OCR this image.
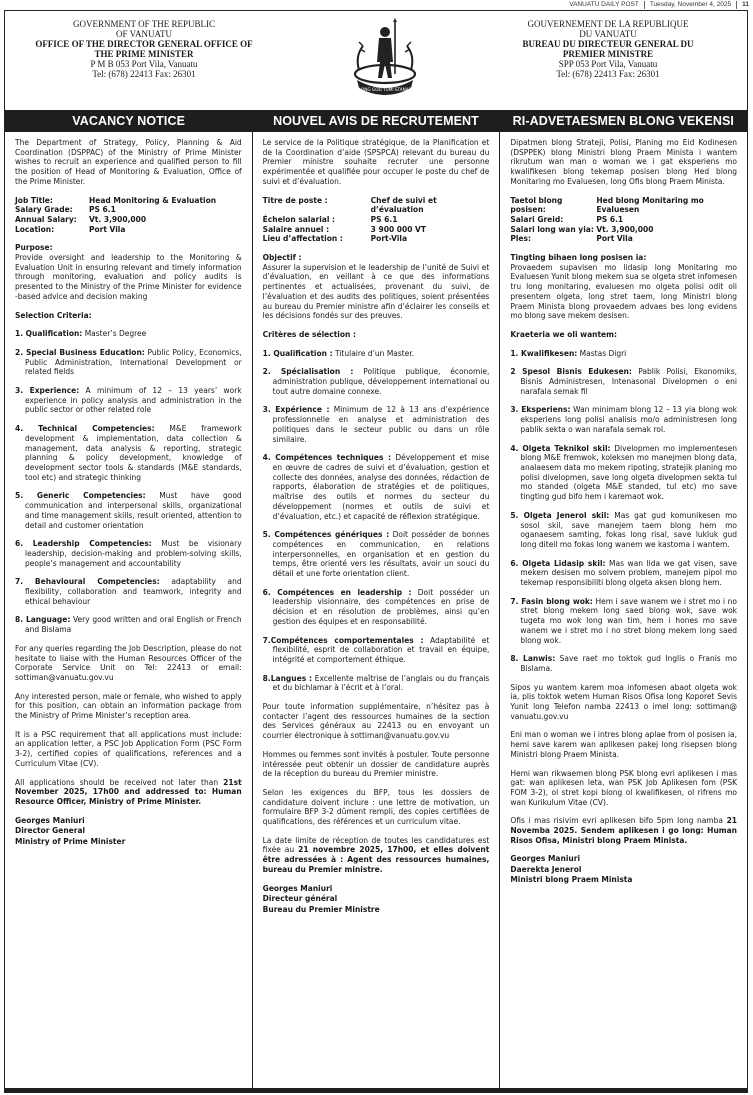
VANUATU DAILY POST Tuesday, November 4, 2025 11
GOVERNMENT OF THE REPUBLIC
OF VANUATU
OFFICE OF THE DIRECTOR GENERAL OFFICE OF
THE PRIME MINISTER
P M B 053 Port Vila, Vanuatu
Tel: (678) 22413 Fax: 26301
LONG GOD YUMI STANAP
GOUVERNEMENT DE LA REPUBLIQUE
DU VANUATU
BUREAU DU DIRECTEUR GENERAL DU
PREMIER MINISTRE
SPP 053 Port Vila, Vanuatu
Tel: (678) 22413 Fax: 26301
VACANCY NOTICE	NOUVEL AVIS DE RECRUTEMENT	RI-ADVETAESMEN BLONG VEKENSI

The Department of Strategy, Policy, Planning & Aid Coordination (DSPPAC) of the Ministry of Prime Minister wishes to recruit an experience and qualified person to fill the position of Head of Monitoring & Evaluation, Office of the Prime Minister.

Job Title:	Head Monitoring & Evaluation
Salary Grade:	PS 6.1
Annual Salary:	Vt. 3,900,000
Location:	Port Vila
Purpose:

Provide oversight and leadership to the Monitoring & Evaluation Unit in ensuring relevant and timely information through monitoring, evaluation and policy audits is presented to the Ministry of the Prime Minister for evidence -based advice and decision making

Selection Criteria:

1. Qualification: Master’s Degree
2. Special Business Education: Public Policy, Economics, Public Administration, International Development or related fields
3. Experience: A minimum of 12 – 13 years’ work experience in policy analysis and administration in the public sector or other related role
4. Technical Competencies: M&E framework development & implementation, data collection & management, data analysis & reporting, strategic planning & policy development, knowledge of development sector tools & standards (M&E standards, tool etc) and strategic thinking
5. Generic Competencies: Must have good communication and interpersonal skills, organizational and time management skills, result oriented, attention to detail and customer orientation
6. Leadership Competencies: Must be visionary leadership, decision-making and problem-solving skills, people’s management and accountability
7. Behavioural Competencies: adaptability and flexibility, collaboration and teamwork, integrity and ethical behaviour
8. Language: Very good written and oral English or French and Bislama

For any queries regarding the Job Description, please do not hesitate to liaise with the Human Resources Officer of the Corporate Service Unit on Tel: 22413 or email: sottiman@vanuatu.gov.vu

Any interested person, male or female, who wished to apply for this position, can obtain an information package from the Ministry of Prime Minister’s reception area.

It is a PSC requirement that all applications must include: an application letter, a PSC Job Application Form (PSC Form 3-2), certified copies of qualifications, references and a Curriculum Vitae (CV).

All applications should be received not later than 21st November 2025, 17h00 and addressed to: Human Resource Officer, Ministry of Prime Minister.

Georges Maniuri
Director General
Ministry of Prime Minister

Le service de la Politique stratégique, de la Planification et de la Coordination d’aide (SPSPCA) relevant du bureau du Premier ministre souhaite recruter une personne expérimentée et qualifiée pour occuper le poste du chef de suivi et d’évaluation.

Titre de poste :	Chef de suivi et d’évaluation
Échelon salarial :	PS 6.1
Salaire annuel :	3 900 000 VT
Lieu d’affectation :	Port-Vila
Objectif :

Assurer la supervision et le leadership de l’unité de Suivi et d’évaluation, en veillant à ce que des informations pertinentes et actualisées, provenant du suivi, de l’évaluation et des audits des politiques, soient présentées au bureau du Premier ministre afin d’éclairer les conseils et les décisions fondés sur des preuves.

Critères de sélection :

1. Qualification : Titulaire d’un Master.
2. Spécialisation : Politique publique, économie, administration publique, développement international ou tout autre domaine connexe.
3. Expérience : Minimum de 12 à 13 ans d’expérience professionnelle en analyse et administration des politiques dans le secteur public ou dans un rôle similaire.
4. Compétences techniques : Développement et mise en œuvre de cadres de suivi et d’évaluation, gestion et collecte des données, analyse des données, rédaction de rapports, élaboration de stratégies et de politiques, maîtrise des outils et normes du secteur du développement (normes et outils de suivi et d’évaluation, etc.) et capacité de réflexion stratégique.
5. Compétences génériques : Doit posséder de bonnes compétences en communication, en relations interpersonnelles, en organisation et en gestion du temps, être orienté vers les résultats, avoir un souci du détail et une forte orientation client.
6. Compétences en leadership : Doit posséder un leadership visionnaire, des compétences en prise de décision et en résolution de problèmes, ainsi qu’en gestion des équipes et en responsabilité.
7.Compétences comportementales : Adaptabilité et flexibilité, esprit de collaboration et travail en équipe, intégrité et comportement éthique.
8.Langues : Excellente maîtrise de l’anglais ou du français et du bichlamar à l’écrit et à l’oral.

Pour toute information supplémentaire, n’hésitez pas à contacter l’agent des ressources humaines de la section des Services généraux au 22413 ou en envoyant un courrier électronique à sottiman@vanuatu.gov.vu

Hommes ou femmes sont invités à postuler. Toute personne intéressée peut obtenir un dossier de candidature auprès de la réception du bureau du Premier ministre.

Selon les exigences du BFP, tous les dossiers de candidature doivent inclure : une lettre de motivation, un formulaire BFP 3-2 dûment rempli, des copies certifiées de qualifications, des références et un curriculum vitae.

La date limite de réception de toutes les candidatures est fixée au 21 novembre 2025, 17h00, et elles doivent être adressées à : Agent des ressources humaines, bureau du Premier ministre.

Georges Maniuri
Directeur général
Bureau du Premier Ministre

Dipatmen blong Strateji, Polisi, Planing mo Eid Kodinesen (DSPPEK) blong Ministri blong Praem Minista i wantem rikrutum wan man o woman we i gat eksperiens mo kwalifikesen blong tekemap posisen blong Hed blong Monitaring mo Evaluesen, long Ofis blong Praem Minista.

Taetol blong posisen:
Hed blong Monitaring mo Evaluesen
Salari Greid:	PS 6.1
Salari long wan yia: Vt. 3,900,000
Ples:	Port Vila
Tingting bihaen long posisen ia:

Provaedem supavisen mo lidasip long Monitaring mo Evaluesen Yunit blong mekem sua se olgeta stret infomesen tru long monitaring, evaluesen mo olgeta polisi odit oli presentem olgeta, long stret taem, long Ministri blong Praem Minista blong provaedem advaes bes long evidens mo blong save mekem desisen.

Kraeteria we oli wantem:

1. Kwalifikesen: Mastas Digri
2 Spesol Bisnis Edukesen: Pablik Polisi, Ekonomiks, Bisnis Administresen, Intenasonal Divelopmen o eni narafala semak fil
3. Eksperiens: Wan minimam blong 12 – 13 yia blong wok eksperiens long polisi analisis mo/o administresen long pablik sekta o wan narafala semak rol.
4. Olgeta Teknikol skil: Divelopmen mo implementesen blong M&E fremwok, koleksen mo manejmen blong data, analaesem data mo mekem ripoting, stratejik planing mo polisi divelopmen, save long olgeta divelopmen sekta tul mo standed (olgeta M&E standed, tul etc) mo save tingting gud bifo hem i karemaot wok.
5. Olgeta Jenerol skil: Mas gat gud komunikesen mo sosol skil, save manejem taem blong hem mo oganaesem samting, fokas long risal, save lukluk gud long diteil mo fokas long wanem we kastoma i wantem.
6. Olgeta Lidasip skil: Mas wan lida we gat visen, save mekem desisen mo solvem problem, manejem pipol mo tekemap responsibiliti blong olgeta aksen blong hem.
7. Fasin blong wok: Hem i save wanem we i stret mo i no stret blong mekem long saed blong wok, save wok tugeta mo wok long wan tim, hem i hones mo save wanem we i stret mo i no stret blong mekem long saed blong wok.
8. Lanwis: Save raet mo toktok gud Inglis o Franis mo Bislama.

Sipos yu wantem karem moa infomesen abaot olgeta wok ia, plis toktok wetem Human Risos Ofisa long Koporet Sevis Yunit long Telefon namba 22413 o imel long: sottiman@ vanuatu.gov.vu

Eni man o woman we i intres blong aplae from ol posisen ia, hemi save karem wan aplikesen pakej long risepsen blong Ministri blong Praem Minista.

Hemi wan rikwaemen blong PSK blong evri aplikesen i mas gat: wan aplikesen leta, wan PSK Job Aplikesen fom (PSK FOM 3-2), ol stret kopi blong ol kwalifikesen, ol rifrens mo wan Kurikulum Vitae (CV).

Ofis i mas risivim evri aplikesen bifo 5pm long namba 21 Novemba 2025. Sendem aplikesen i go long: Human Risos Ofisa, Ministri blong Praem Minista.

Georges Maniuri
Daerekta Jenerol
Ministri blong Praem Minista
